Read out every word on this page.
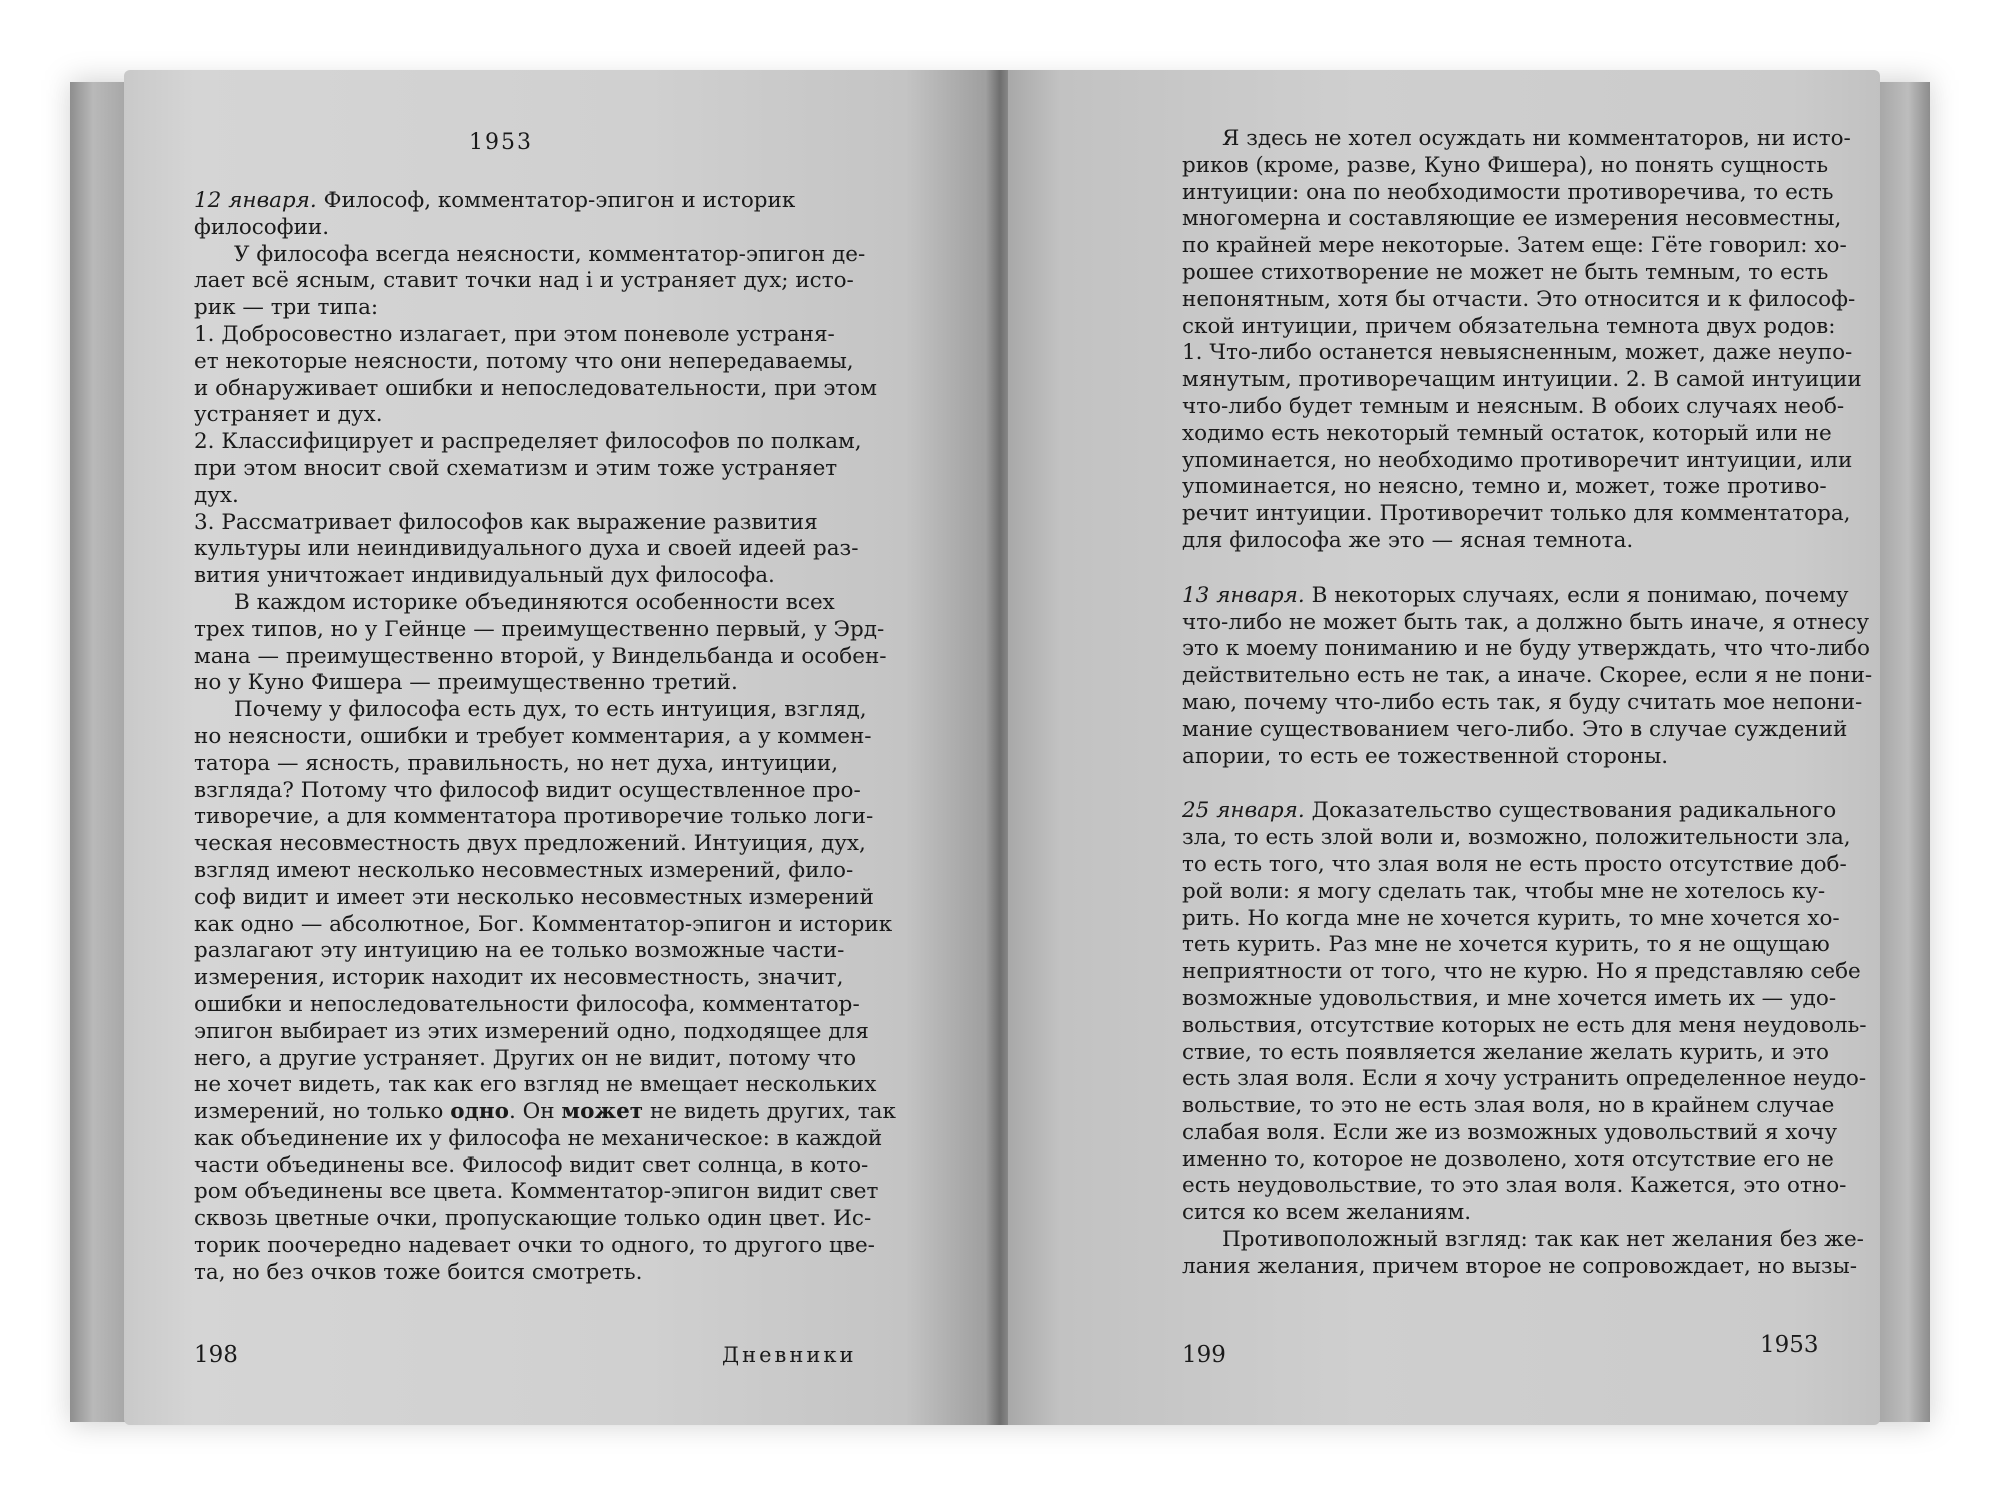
1953
12 января. Философ, комментатор-эпигон и историк
философии.
У философа всегда неясности, комментатор-эпигон де-
лает всё ясным, ставит точки над i и устраняет дух; истo-
рик — три типа:
1. Добросовестно излагает, при этом поневоле устраня-
ет некоторые неясности, потому что они непередаваемы,
и обнаруживает ошибки и непоследовательности, при этом
устраняет и дух.
2. Классифицирует и распределяет философов по полкам,
при этом вносит свой схематизм и этим тоже устраняет
дух.
3. Рассматривает философов как выражение развития
культуры или неиндивидуального духа и своей идеей раз-
вития уничтожает индивидуальный дух философа.
В каждом историке объединяются особенности всех
трех типов, но у Гейнце — преимущественно первый, у Эрд-
мана — преимущественно второй, у Виндельбанда и особен-
но у Куно Фишера — преимущественно третий.
Почему у философа есть дух, то есть интуиция, взгляд,
но неясности, ошибки и требует комментария, а у коммен-
татора — ясность, правильность, но нет духа, интуиции,
взгляда? Потому что философ видит осуществленное про-
тиворечие, а для комментатора противоречие только логи-
ческая несовместность двух предложений. Интуиция, дух,
взгляд имеют несколько несовместных измерений, фило-
соф видит и имеет эти несколько несовместных измерений
как одно — абсолютное, Бог. Комментатор-эпигон и историк
разлагают эту интуицию на ее только возможные части-
измерения, историк находит их несовместность, значит,
ошибки и непоследовательности философа, комментатор-
эпигон выбирает из этих измерений одно, подходящее для
него, а другие устраняет. Других он не видит, потому что
не хочет видеть, так как его взгляд не вмещает нескольких
измерений, но только одно. Он может не видеть других, так
как объединение их у философа не механическое: в каждой
части объединены все. Философ видит свет солнца, в кото-
ром объединены все цвета. Комментатор-эпигон видит свет
сквозь цветные очки, пропускающие только один цвет. Ис-
торик поочередно надевает очки то одного, то другого цве-
та, но без очков тоже боится смотреть.
198	Дневники
Я здесь не хотел осуждать ни комментаторов, ни исто-
риков (кроме, разве, Куно Фишера), но понять сущность
интуиции: она по необходимости противоречива, то есть
многомерна и составляющие ее измерения несовместны,
по крайней мере некоторые. Затем еще: Гёте говорил: хо-
рошее стихотворение не может не быть темным, то есть
непонятным, хотя бы отчасти. Это относится и к философ-
ской интуиции, причем обязательна темнота двух родов:
1. Что-либо останется невыясненным, может, даже неупо-
мянутым, противоречащим интуиции. 2. В самой интуиции
что-либо будет темным и неясным. В обоих случаях необ-
ходимо есть некоторый темный остаток, который или не
упоминается, но необходимо противоречит интуиции, или
упоминается, но неясно, темно и, может, тоже противо-
речит интуиции. Противоречит только для комментатора,
для философа же это — ясная темнота.
13 января. В некоторых случаях, если я понимаю, почему
что-либо не может быть так, а должно быть иначе, я отнесу
это к моему пониманию и не буду утверждать, что что-либо
действительно есть не так, а иначе. Скорее, если я не пони-
маю, почему что-либо есть так, я буду считать мое непони-
мание существованием чего-либо. Это в случае суждений
апории, то есть ее тожественной стороны.
25 января. Доказательство существования радикального
зла, то есть злой воли и, возможно, положительности зла,
то есть того, что злая воля не есть просто отсутствие доб-
рой воли: я могу сделать так, чтобы мне не хотелось ку-
рить. Но когда мне не хочется курить, то мне хочется хо-
теть курить. Раз мне не хочется курить, то я не ощущаю
неприятности от того, что не курю. Но я представляю себе
возможные удовольствия, и мне хочется иметь их — удо-
вольствия, отсутствие которых не есть для меня неудоволь-
ствие, то есть появляется желание желать курить, и это
есть злая воля. Если я хочу устранить определенное неудо-
вольствие, то это не есть злая воля, но в крайнем случае
слабая воля. Если же из возможных удовольствий я хочу
именно то, которое не дозволено, хотя отсутствие его не
есть неудовольствие, то это злая воля. Кажется, это отно-
сится ко всем желаниям.
Противоположный взгляд: так как нет желания без же-
лания желания, причем второе не сопровождает, но вызы-
199	1953
